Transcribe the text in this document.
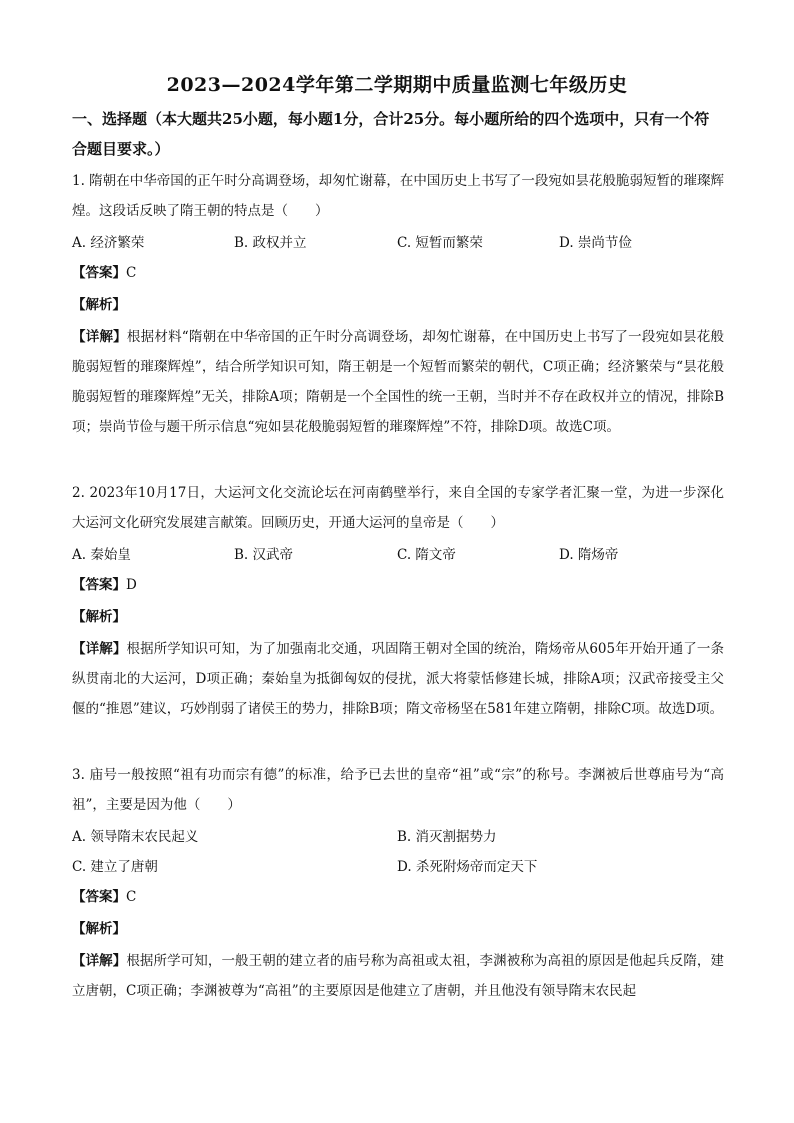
2023—2024学年第二学期期中质量监测七年级历史
一、选择题（本大题共25小题，每小题1分，合计25分。每小题所给的四个选项中，只有一个符合题目要求。）
1. 隋朝在中华帝国的正午时分高调登场，却匆忙谢幕，在中国历史上书写了一段宛如昙花般脆弱短暂的璀璨辉煌。这段话反映了隋王朝的特点是（　　）
A. 经济繁荣	B. 政权并立	C. 短暂而繁荣	D. 崇尚节俭
【答案】C
【解析】
【详解】根据材料“隋朝在中华帝国的正午时分高调登场，却匆忙谢幕，在中国历史上书写了一段宛如昙花般脆弱短暂的璀璨辉煌”，结合所学知识可知，隋王朝是一个短暂而繁荣的朝代，C项正确；经济繁荣与“昙花般脆弱短暂的璀璨辉煌”无关，排除A项；隋朝是一个全国性的统一王朝，当时并不存在政权并立的情况，排除B项；崇尚节俭与题干所示信息“宛如昙花般脆弱短暂的璀璨辉煌”不符，排除D项。故选C项。
2. 2023年10月17日，大运河文化交流论坛在河南鹤壁举行，来自全国的专家学者汇聚一堂，为进一步深化大运河文化研究发展建言献策。回顾历史，开通大运河的皇帝是（　　）
A. 秦始皇	B. 汉武帝	C. 隋文帝	D. 隋炀帝
【答案】D
【解析】
【详解】根据所学知识可知，为了加强南北交通，巩固隋王朝对全国的统治，隋炀帝从605年开始开通了一条纵贯南北的大运河，D项正确；秦始皇为抵御匈奴的侵扰，派大将蒙恬修建长城，排除A项；汉武帝接受主父偃的“推恩”建议，巧妙削弱了诸侯王的势力，排除B项；隋文帝杨坚在581年建立隋朝，排除C项。故选D项。
3. 庙号一般按照“祖有功而宗有德”的标准，给予已去世的皇帝“祖”或“宗”的称号。李渊被后世尊庙号为“高祖”，主要是因为他（　　）
A. 领导隋末农民起义	B. 消灭割据势力
C. 建立了唐朝	D. 杀死附炀帝而定天下
【答案】C
【解析】
【详解】根据所学可知，一般王朝的建立者的庙号称为高祖或太祖，李渊被称为高祖的原因是他起兵反隋，建立唐朝，C项正确；李渊被尊为“高祖”的主要原因是他建立了唐朝，并且他没有领导隋末农民起
